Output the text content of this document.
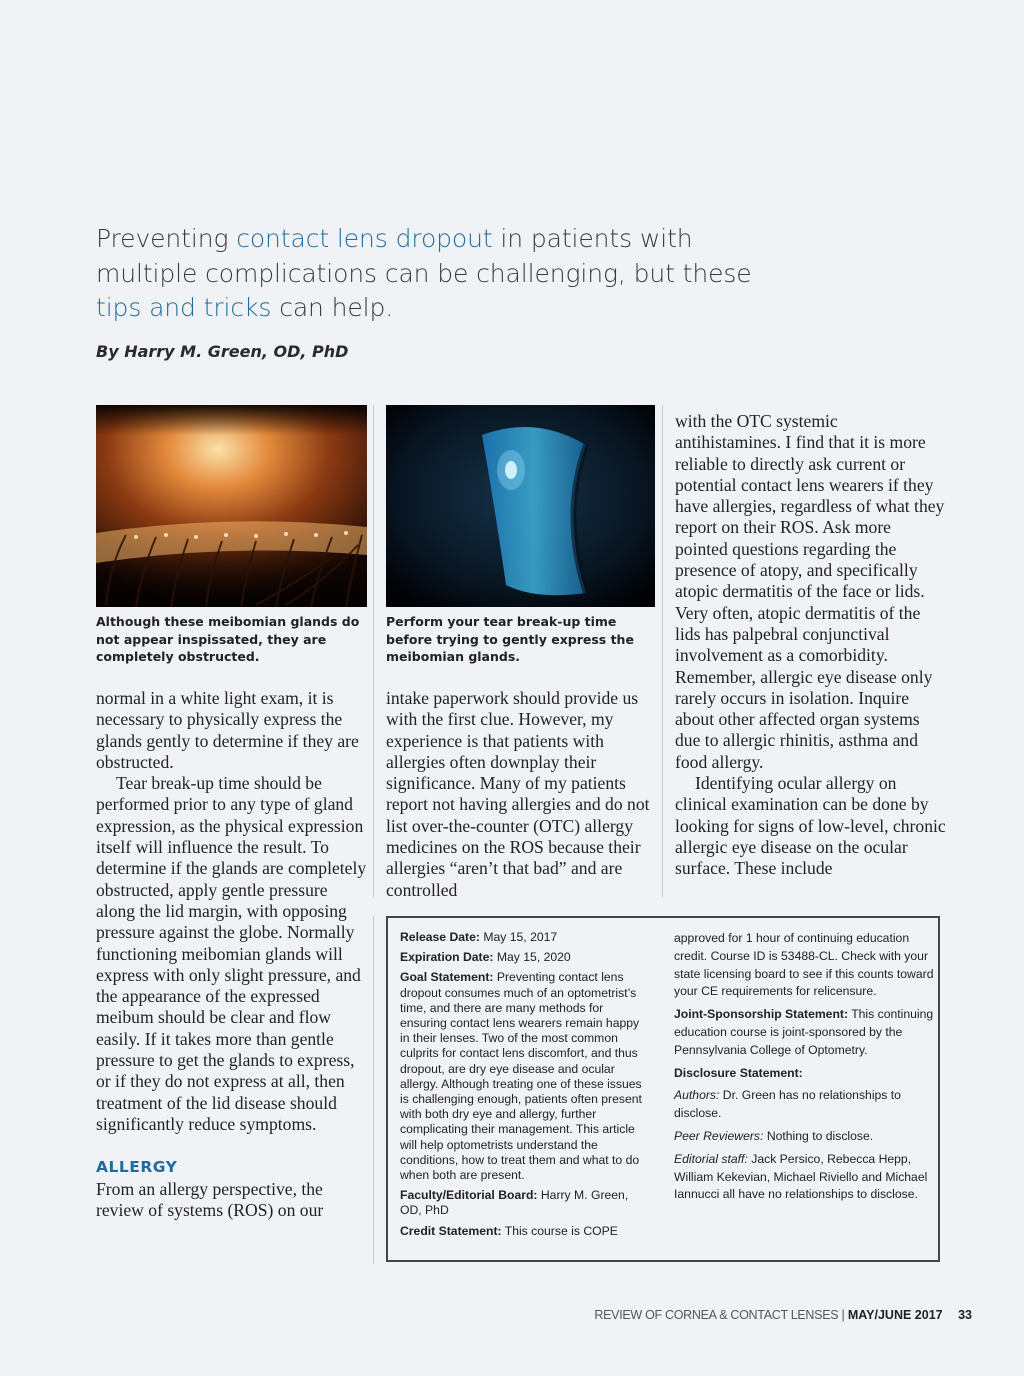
Preventing contact lens dropout in patients with multiple complications can be challenging, but these tips and tricks can help.
By Harry M. Green, OD, PhD
Although these meibomian glands do not appear inspissated, they are completely obstructed.
Perform your tear break-up time before trying to gently express the meibomian glands.

normal in a white light exam, it is necessary to physically express the glands gently to determine if they are obstructed.

Tear break-up time should be performed prior to any type of gland expression, as the physical expression itself will influence the result. To determine if the glands are completely obstructed, apply gentle pressure along the lid margin, with opposing pressure against the globe. Normally functioning meibomian glands will express with only slight pressure, and the appearance of the expressed meibum should be clear and flow easily. If it takes more than gentle pressure to get the glands to express, or if they do not express at all, then treatment of the lid disease should significantly reduce symptoms.

ALLERGY

From an allergy perspective, the review of systems (ROS) on our

intake paperwork should provide us with the first clue. However, my experience is that patients with allergies often downplay their significance. Many of my patients report not having allergies and do not list over-the-counter (OTC) allergy medicines on the ROS because their allergies “aren’t that bad” and are controlled

with the OTC systemic antihistamines. I find that it is more reliable to directly ask current or potential contact lens wearers if they have allergies, regardless of what they report on their ROS. Ask more pointed questions regarding the presence of atopy, and specifically atopic dermatitis of the face or lids. Very often, atopic dermatitis of the lids has palpebral conjunctival involvement as a comorbidity. Remember, allergic eye disease only rarely occurs in isolation. Inquire about other affected organ systems due to allergic rhinitis, asthma and food allergy.

Identifying ocular allergy on clinical examination can be done by looking for signs of low-level, chronic allergic eye disease on the ocular surface. These include

Release Date: May 15, 2017

Expiration Date: May 15, 2020

Goal Statement: Preventing contact lens dropout consumes much of an optometrist’s time, and there are many methods for ensuring contact lens wearers remain happy in their lenses. Two of the most common culprits for contact lens discomfort, and thus dropout, are dry eye disease and ocular allergy. Although treating one of these issues is challenging enough, patients often present with both dry eye and allergy, further complicating their management. This article will help optometrists understand the conditions, how to treat them and what to do when both are present.

Faculty/Editorial Board: Harry M. Green, OD, PhD

Credit Statement: This course is COPE

approved for 1 hour of continuing education credit. Course ID is 53488-CL. Check with your state licensing board to see if this counts toward your CE requirements for relicensure.

Joint-Sponsorship Statement: This continuing education course is joint-sponsored by the Pennsylvania College of Optometry.

Disclosure Statement:

Authors: Dr. Green has no relationships to disclose.

Peer Reviewers: Nothing to disclose.

Editorial staff: Jack Persico, Rebecca Hepp, William Kekevian, Michael Riviello and Michael Iannucci all have no relationships to disclose.

REVIEW OF CORNEA & CONTACT LENSES | MAY/JUNE 2017 33
